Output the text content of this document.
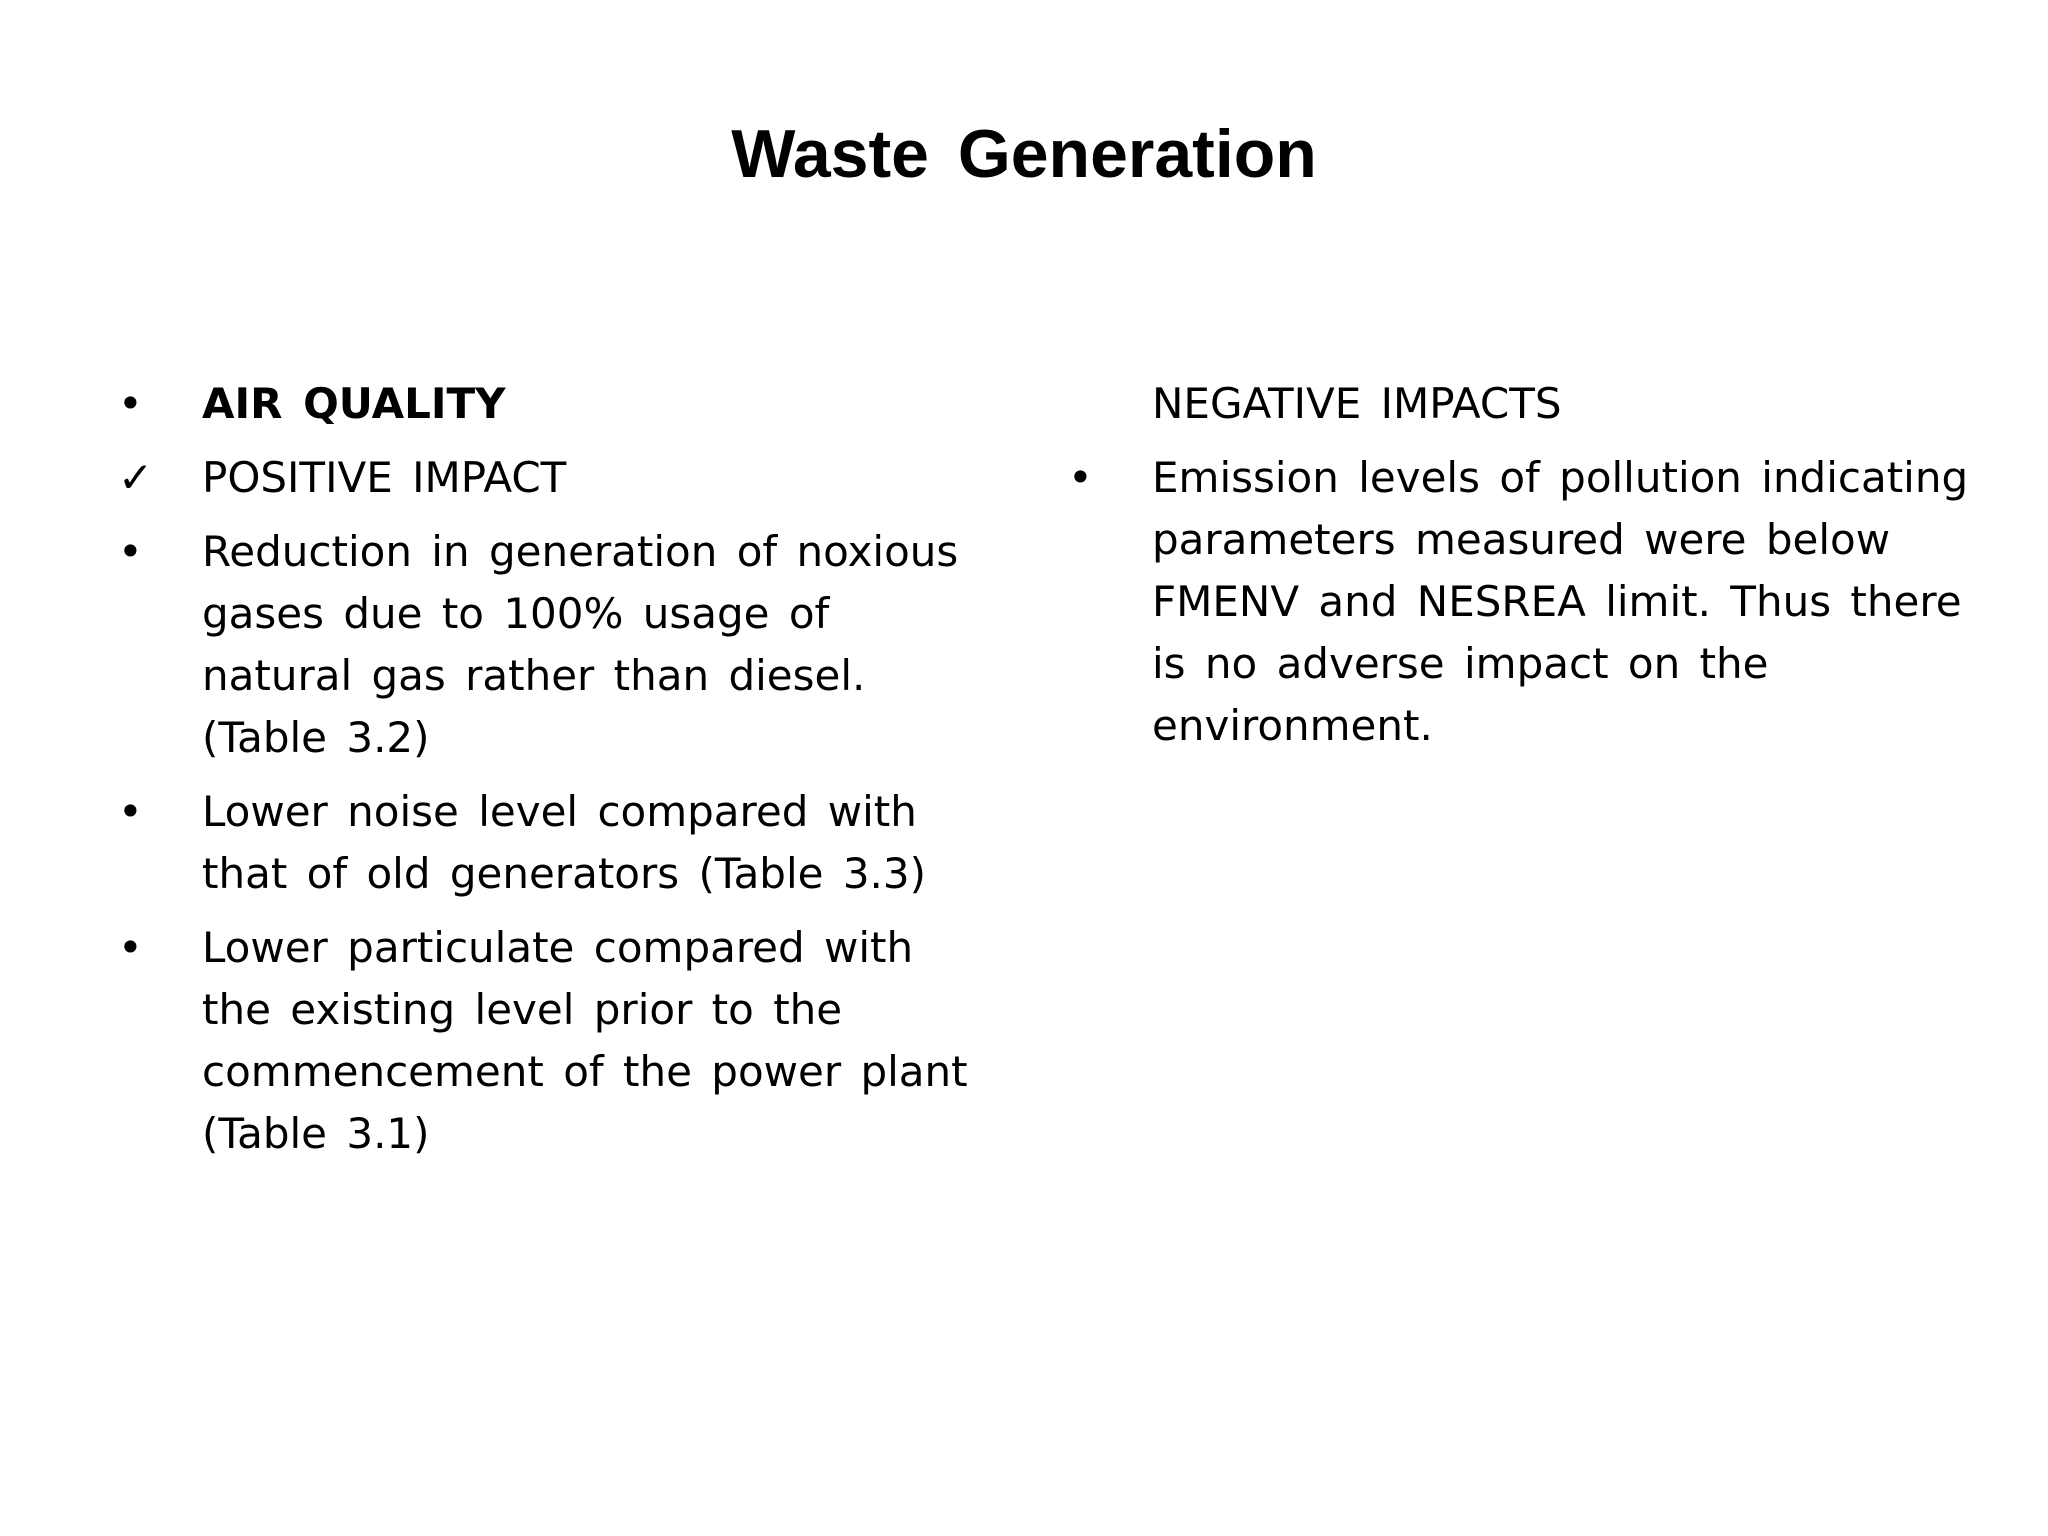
Waste Generation
•	AIR QUALITY
✓ POSITIVE IMPACT
•	Reduction in generation of noxious gases due to 100% usage of natural gas rather than diesel. (Table 3.2)
•	Lower noise level compared with that of old generators (Table 3.3)
•	Lower particulate compared with the existing level prior to the commencement of the power plant (Table 3.1)
NEGATIVE IMPACTS
•	Emission levels of pollution indicating parameters measured were below FMENV and NESREA limit. Thus there is no adverse impact on the environment.
